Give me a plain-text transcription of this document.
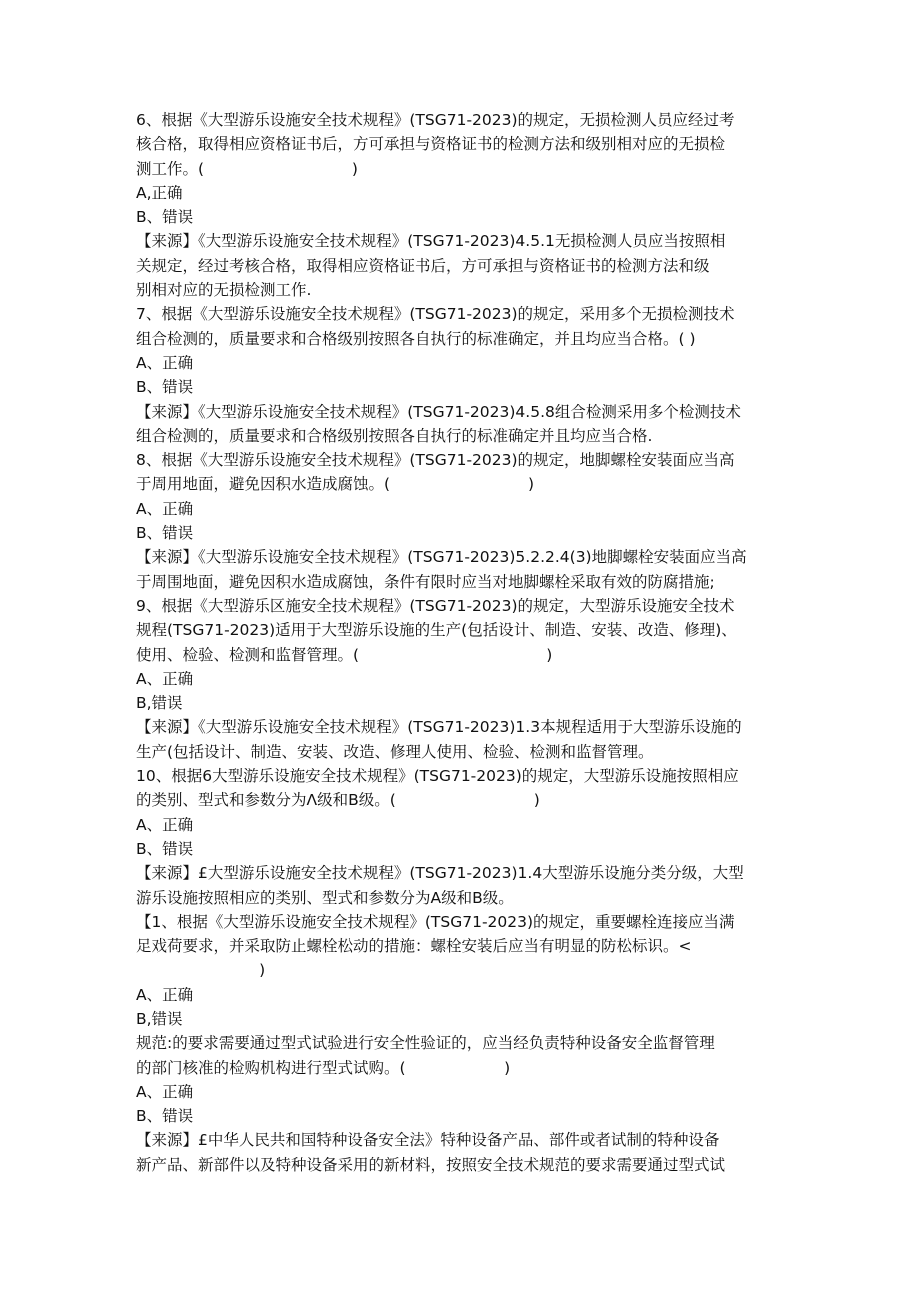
6、根据《大型游乐设施安全技术规程》(TSG71-2023)的规定，无损检测人员应经过考
核合格，取得相应资格证书后，方可承担与资格证书的检测方法和级别相对应的无损检
测工作。(                              )
A,正确
B、错误
【来源】《大型游乐设施安全技术规程》(TSG71-2023)4.5.1无损检测人员应当按照相
关规定，经过考核合格，取得相应资格证书后，方可承担与资格证书的检测方法和级
别相对应的无损检测工作.
7、根据《大型游乐设施安全技术规程》(TSG71-2023)的规定，采用多个无损检测技术
组合检测的，质量要求和合格级别按照各自执行的标准确定，并且均应当合格。( )
A、正确
B、错误
【来源】《大型游乐设施安全技术规程》(TSG71-2023)4.5.8组合检测采用多个检测技术
组合检测的，质量要求和合格级别按照各自执行的标准确定并且均应当合格.
8、根据《大型游乐设施安全技术规程》(TSG71-2023)的规定，地脚螺栓安装面应当高
于周用地面，避免因积水造成腐蚀。(                            )
A、正确
B、错误
【来源】《大型游乐设施安全技术规程》(TSG71-2023)5.2.2.4(3)地脚螺栓安装面应当高
于周围地面，避免因积水造成腐蚀，条件有限时应当对地脚螺栓采取有效的防腐措施;
9、根据《大型游乐区施安全技术规程》(TSG71-2023)的规定，大型游乐设施安全技术
规程(TSG71-2023)适用于大型游乐设施的生产(包括设计、制造、安装、改造、修理)、
使用、检验、检测和监督管理。(                                      )
A、正确
B,错误
【来源】《大型游乐设施安全技术规程》(TSG71-2023)1.3本规程适用于大型游乐设施的
生产(包括设计、制造、安装、改造、修理人使用、检验、检测和监督管理。
10、根据6大型游乐设施安全技术规程》(TSG71-2023)的规定，大型游乐设施按照相应
的类别、型式和参数分为Λ级和B级。(                            )
A、正确
B、错误
【来源】£大型游乐设施安全技术规程》(TSG71-2023)1.4大型游乐设施分类分级，大型
游乐设施按照相应的类别、型式和参数分为A级和B级。
【1、根据《大型游乐设施安全技术规程》(TSG71-2023)的规定，重要螺栓连接应当满
足戏荷要求，并采取防止螺栓松动的措施：螺栓安装后应当有明显的防松标识。<
)
A、正确
B,错误
规范:的要求需要通过型式试验进行安全性验证的，应当经负责特种设备安全监督管理
的部门核准的检购机构进行型式试购。(                    )
A、正确
B、错误
【来源】£中华人民共和国特种设备安全法》特种设备产品、部件或者试制的特种设备
新产品、新部件以及特种设备采用的新材料，按照安全技术规范的要求需要通过型式试
